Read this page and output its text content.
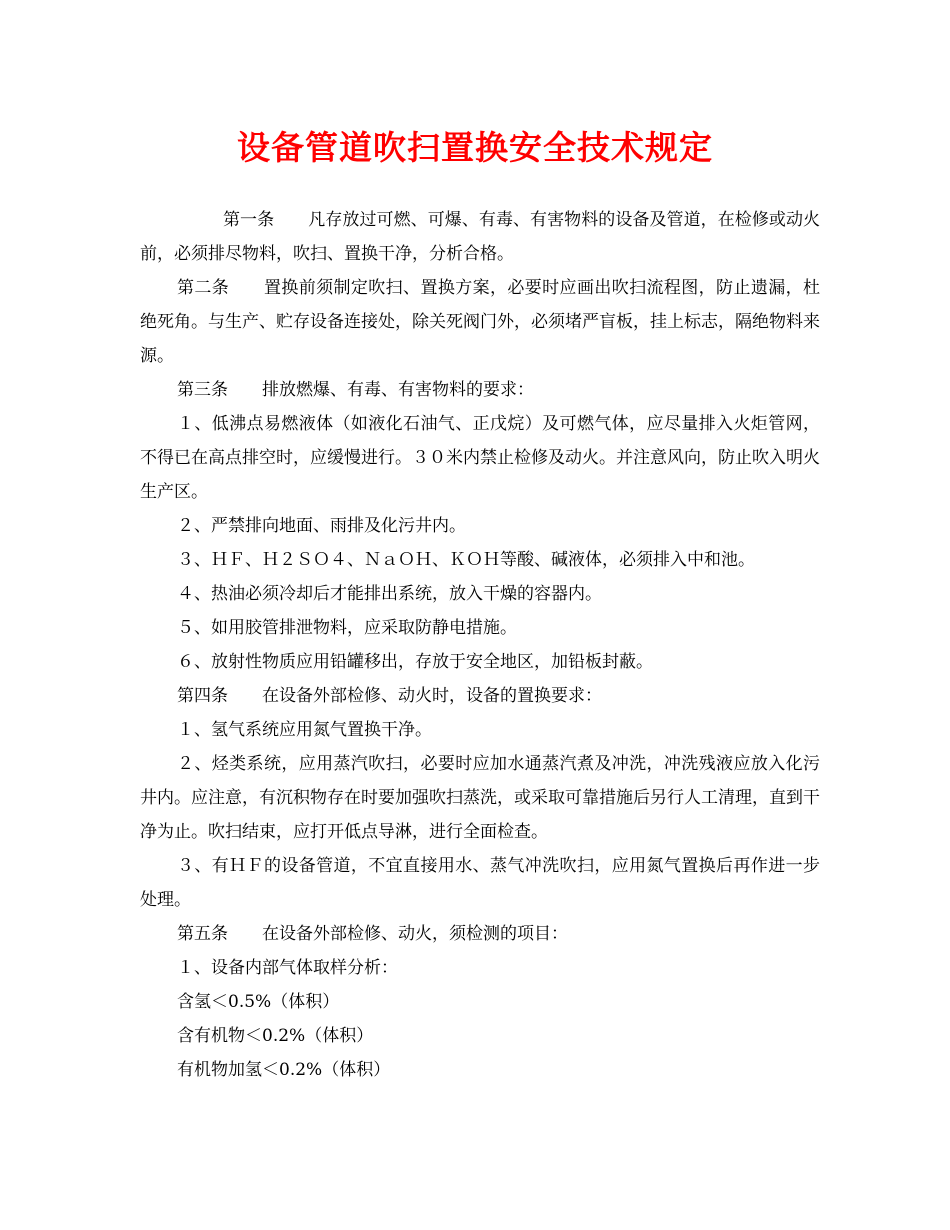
设备管道吹扫置换安全技术规定

第一条　　凡存放过可燃、可爆、有毒、有害物料的设备及管道，在检修或动火前，必须排尽物料，吹扫、置换干净，分析合格。

第二条　　置换前须制定吹扫、置换方案，必要时应画出吹扫流程图，防止遗漏，杜绝死角。与生产、贮存设备连接处，除关死阀门外，必须堵严盲板，挂上标志，隔绝物料来源。

第三条　　排放燃爆、有毒、有害物料的要求：

１、低沸点易燃液体（如液化石油气、正戊烷）及可燃气体，应尽量排入火炬管网，不得已在高点排空时，应缓慢进行。３０米内禁止检修及动火。并注意风向，防止吹入明火生产区。

２、严禁排向地面、雨排及化污井内。

３、ＨＦ、Ｈ２ＳＯ４、ＮａＯＨ、ＫＯＨ等酸、碱液体，必须排入中和池。

４、热油必须冷却后才能排出系统，放入干燥的容器内。

５、如用胶管排泄物料，应采取防静电措施。

６、放射性物质应用铅罐移出，存放于安全地区，加铅板封蔽。

第四条　　在设备外部检修、动火时，设备的置换要求：

１、氢气系统应用氮气置换干净。

２、烃类系统，应用蒸汽吹扫，必要时应加水通蒸汽煮及冲洗，冲洗残液应放入化污井内。应注意，有沉积物存在时要加强吹扫蒸洗，或采取可靠措施后另行人工清理，直到干净为止。吹扫结束，应打开低点导淋，进行全面检查。

３、有ＨＦ的设备管道，不宜直接用水、蒸气冲洗吹扫，应用氮气置换后再作进一步处理。

第五条　　在设备外部检修、动火，须检测的项目：

１、设备内部气体取样分析：

含氢＜0.5%（体积）

含有机物＜0.2%（体积）

有机物加氢＜0.2%（体积）
